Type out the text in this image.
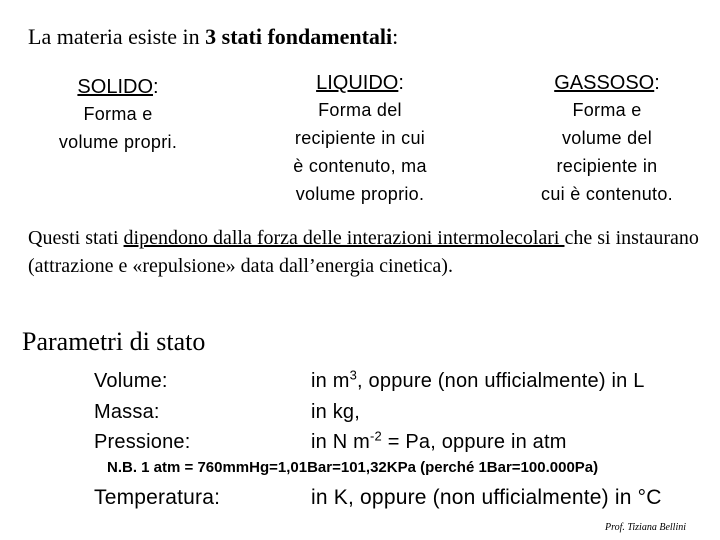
La materia esiste in 3 stati fondamentali:
SOLIDO:
Forma e
volume propri.
LIQUIDO:
Forma del
recipiente in cui
è contenuto, ma
volume proprio.
GASSOSO:
Forma e
volume del
recipiente in
cui è contenuto.
Questi stati dipendono dalla forza delle interazioni intermolecolari che si instaurano (attrazione e «repulsione» data dall’energia cinetica).
Parametri di stato
Volume:	in $m^3$, oppure (non ufficialmente) in L
Massa:	in kg,
Pressione:	in N $m^{-2} = Pa$, oppure in atm
N.B. 1 atm = 760mmHg=1,01Bar=101,32KPa (perché 1Bar=100.000Pa)
Temperatura:	in K, oppure (non ufficialmente) in °C
Prof. Tiziana Bellini
